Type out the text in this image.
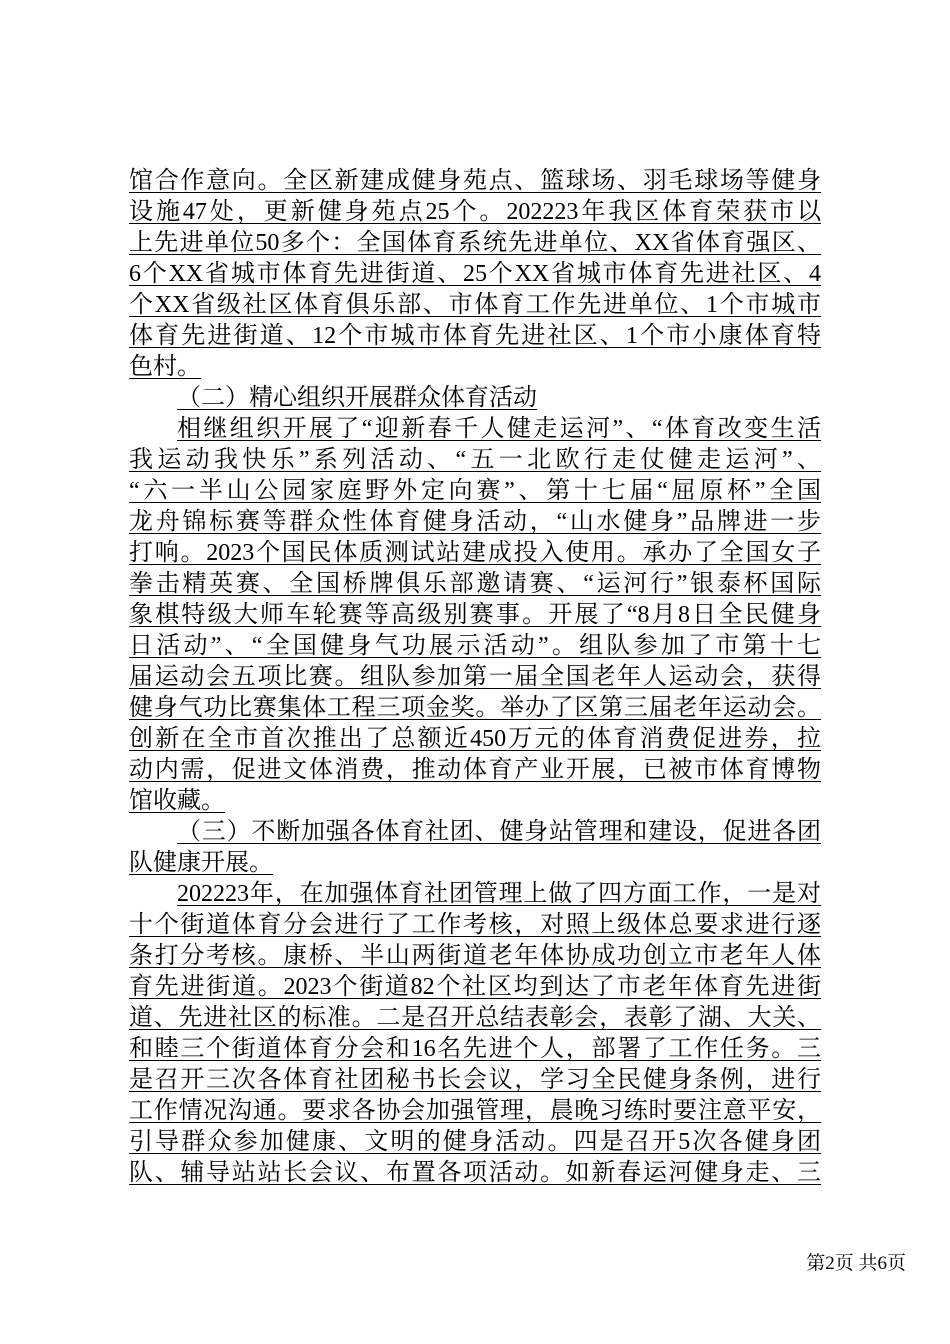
馆合作意向。全区新建成健身苑点、篮球场、羽毛球场等健身
设施47处，更新健身苑点25个。202223年我区体育荣获市以
上先进单位50多个：全国体育系统先进单位、XX省体育强区、
6个XX省城市体育先进街道、25个XX省城市体育先进社区、4
个XX省级社区体育俱乐部、市体育工作先进单位、1个市城市
体育先进街道、12个市城市体育先进社区、1个市小康体育特
色村。
（二）精心组织开展群众体育活动
相继组织开展了“迎新春千人健走运河”、“体育改变生活
我运动我快乐”系列活动、“五一北欧行走仗健走运河”、
“六一半山公园家庭野外定向赛”、第十七届“屈原杯”全国
龙舟锦标赛等群众性体育健身活动，“山水健身”品牌进一步
打响。2023个国民体质测试站建成投入使用。承办了全国女子
拳击精英赛、全国桥牌俱乐部邀请赛、“运河行”银泰杯国际
象棋特级大师车轮赛等高级别赛事。开展了“8月8日全民健身
日活动”、“全国健身气功展示活动”。组队参加了市第十七
届运动会五项比赛。组队参加第一届全国老年人运动会，获得
健身气功比赛集体工程三项金奖。举办了区第三届老年运动会。
创新在全市首次推出了总额近450万元的体育消费促进券，拉
动内需，促进文体消费，推动体育产业开展，已被市体育博物
馆收藏。
（三）不断加强各体育社团、健身站管理和建设，促进各团
队健康开展。
202223年，在加强体育社团管理上做了四方面工作，一是对
十个街道体育分会进行了工作考核，对照上级体总要求进行逐
条打分考核。康桥、半山两街道老年体协成功创立市老年人体
育先进街道。2023个街道82个社区均到达了市老年体育先进街
道、先进社区的标准。二是召开总结表彰会，表彰了湖、大关、
和睦三个街道体育分会和16名先进个人，部署了工作任务。三
是召开三次各体育社团秘书长会议，学习全民健身条例，进行
工作情况沟通。要求各协会加强管理，晨晚习练时要注意平安，
引导群众参加健康、文明的健身活动。四是召开5次各健身团
队、辅导站站长会议、布置各项活动。如新春运河健身走、三
第2页 共6页
